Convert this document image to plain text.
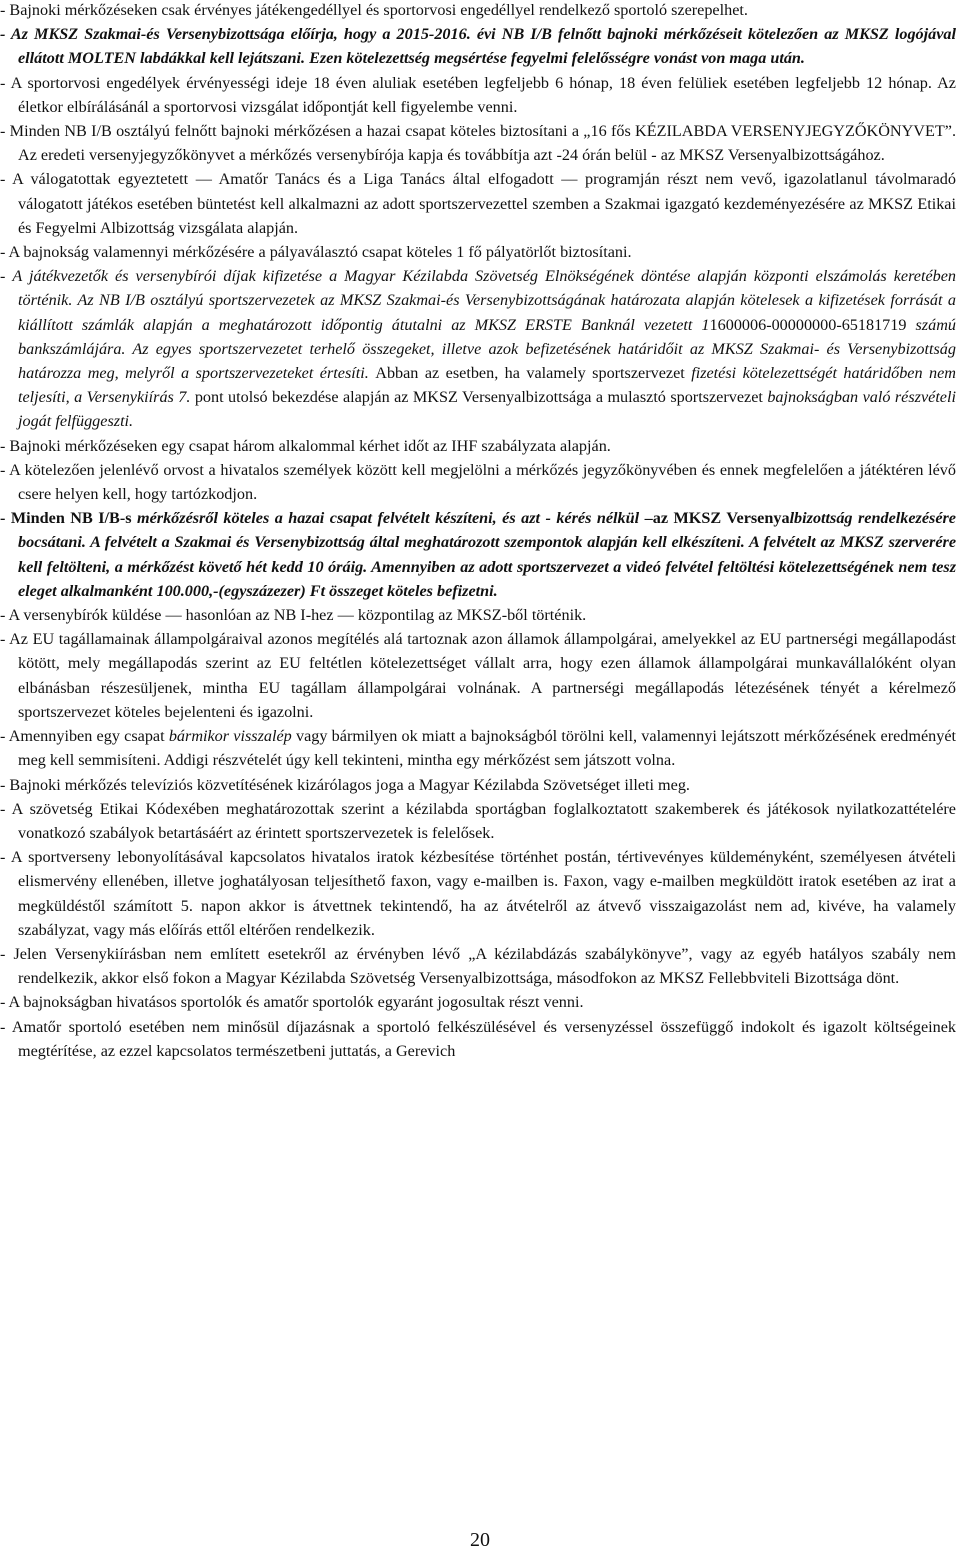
- Bajnoki mérkőzéseken csak érvényes játékengedéllyel és sportorvosi engedéllyel rendelkező sportoló szerepelhet.

- Az MKSZ Szakmai-és Versenybizottsága előírja, hogy a 2015-2016. évi NB I/B felnőtt bajnoki mérkőzéseit kötelezően az MKSZ logójával ellátott MOLTEN labdákkal kell lejátszani. Ezen kötelezettség megsértése fegyelmi felelősségre vonást von maga után.

- A sportorvosi engedélyek érvényességi ideje 18 éven aluliak esetében legfeljebb 6 hónap, 18 éven felüliek esetében legfeljebb 12 hónap. Az életkor elbírálásánál a sportorvosi vizsgálat időpontját kell figyelembe venni.

- Minden NB I/B osztályú felnőtt bajnoki mérkőzésen a hazai csapat köteles biztosítani a „16 fős KÉZILABDA VERSENYJEGYZŐKÖNYVET”. Az eredeti versenyjegyzőkönyvet a mérkőzés versenybírója kapja és továbbítja azt -24 órán belül - az MKSZ Versenyalbizottságához.

- A válogatottak egyeztetett — Amatőr Tanács és a Liga Tanács által elfogadott — programján részt nem vevő, igazolatlanul távolmaradó válogatott játékos esetében büntetést kell alkalmazni az adott sportszervezettel szemben a Szakmai igazgató kezdeményezésére az MKSZ Etikai és Fegyelmi Albizottság vizsgálata alapján.

- A bajnokság valamennyi mérkőzésére a pályaválasztó csapat köteles 1 fő pályatörlőt biztosítani.

- A játékvezetők és versenybírói díjak kifizetése a Magyar Kézilabda Szövetség Elnökségének döntése alapján központi elszámolás keretében történik. Az NB I/B osztályú sportszervezetek az MKSZ Szakmai-és Versenybizottságának határozata alapján kötelesek a kifizetések forrását a kiállított számlák alapján a meghatározott időpontig átutalni az MKSZ ERSTE Banknál vezetett 11600006-00000000-65181719 számú bankszámlájára. Az egyes sportszervezetet terhelő összegeket, illetve azok befizetésének határidőit az MKSZ Szakmai- és Versenybizottság határozza meg, melyről a sportszervezeteket értesíti. Abban az esetben, ha valamely sportszervezet fizetési kötelezettségét határidőben nem teljesíti, a Versenykiírás 7. pont utolsó bekezdése alapján az MKSZ Versenyalbizottsága a mulasztó sportszervezet bajnokságban való részvételi jogát felfüggeszti.

- Bajnoki mérkőzéseken egy csapat három alkalommal kérhet időt az IHF szabályzata alapján.

- A kötelezően jelenlévő orvost a hivatalos személyek között kell megjelölni a mérkőzés jegyzőkönyvében és ennek megfelelően a játéktéren lévő csere helyen kell, hogy tartózkodjon.

- Minden NB I/B-s mérkőzésről köteles a hazai csapat felvételt készíteni, és azt - kérés nélkül –az MKSZ Versenyalbizottság rendelkezésére bocsátani. A felvételt a Szakmai és Versenybizottság által meghatározott szempontok alapján kell elkészíteni. A felvételt az MKSZ szerverére kell feltölteni, a mérkőzést követő hét kedd 10 óráig. Amennyiben az adott sportszervezet a videó felvétel feltöltési kötelezettségének nem tesz eleget alkalmanként 100.000,-(egyszázezer) Ft összeget köteles befizetni.

- A versenybírók küldése — hasonlóan az NB I-hez — központilag az MKSZ-ből történik.

- Az EU tagállamainak állampolgáraival azonos megítélés alá tartoznak azon államok állampolgárai, amelyekkel az EU partnerségi megállapodást kötött, mely megállapodás szerint az EU feltétlen kötelezettséget vállalt arra, hogy ezen államok állampolgárai munkavállalóként olyan elbánásban részesüljenek, mintha EU tagállam állampolgárai volnának. A partnerségi megállapodás létezésének tényét a kérelmező sportszervezet köteles bejelenteni és igazolni.

- Amennyiben egy csapat bármikor visszalép vagy bármilyen ok miatt a bajnokságból törölni kell, valamennyi lejátszott mérkőzésének eredményét meg kell semmisíteni. Addigi részvételét úgy kell tekinteni, mintha egy mérkőzést sem játszott volna.

- Bajnoki mérkőzés televíziós közvetítésének kizárólagos joga a Magyar Kézilabda Szövetséget illeti meg.

- A szövetség Etikai Kódexében meghatározottak szerint a kézilabda sportágban foglalkoztatott szakemberek és játékosok nyilatkozattételére vonatkozó szabályok betartásáért az érintett sportszervezetek is felelősek.

- A sportverseny lebonyolításával kapcsolatos hivatalos iratok kézbesítése történhet postán, tértivevényes küldeményként, személyesen átvételi elismervény ellenében, illetve joghatályosan teljesíthető faxon, vagy e-mailben is. Faxon, vagy e-mailben megküldött iratok esetében az irat a megküldéstől számított 5. napon akkor is átvettnek tekintendő, ha az átvételről az átvevő visszaigazolást nem ad, kivéve, ha valamely szabályzat, vagy más előírás ettől eltérően rendelkezik.

- Jelen Versenykiírásban nem említett esetekről az érvényben lévő „A kézilabdázás szabálykönyve”, vagy az egyéb hatályos szabály nem rendelkezik, akkor első fokon a Magyar Kézilabda Szövetség Versenyalbizottsága, másodfokon az MKSZ Fellebbviteli Bizottsága dönt.

- A bajnokságban hivatásos sportolók és amatőr sportolók egyaránt jogosultak részt venni.

- Amatőr sportoló esetében nem minősül díjazásnak a sportoló felkészülésével és versenyzéssel összefüggő indokolt és igazolt költségeinek megtérítése, az ezzel kapcsolatos természetbeni juttatás, a Gerevich

20
